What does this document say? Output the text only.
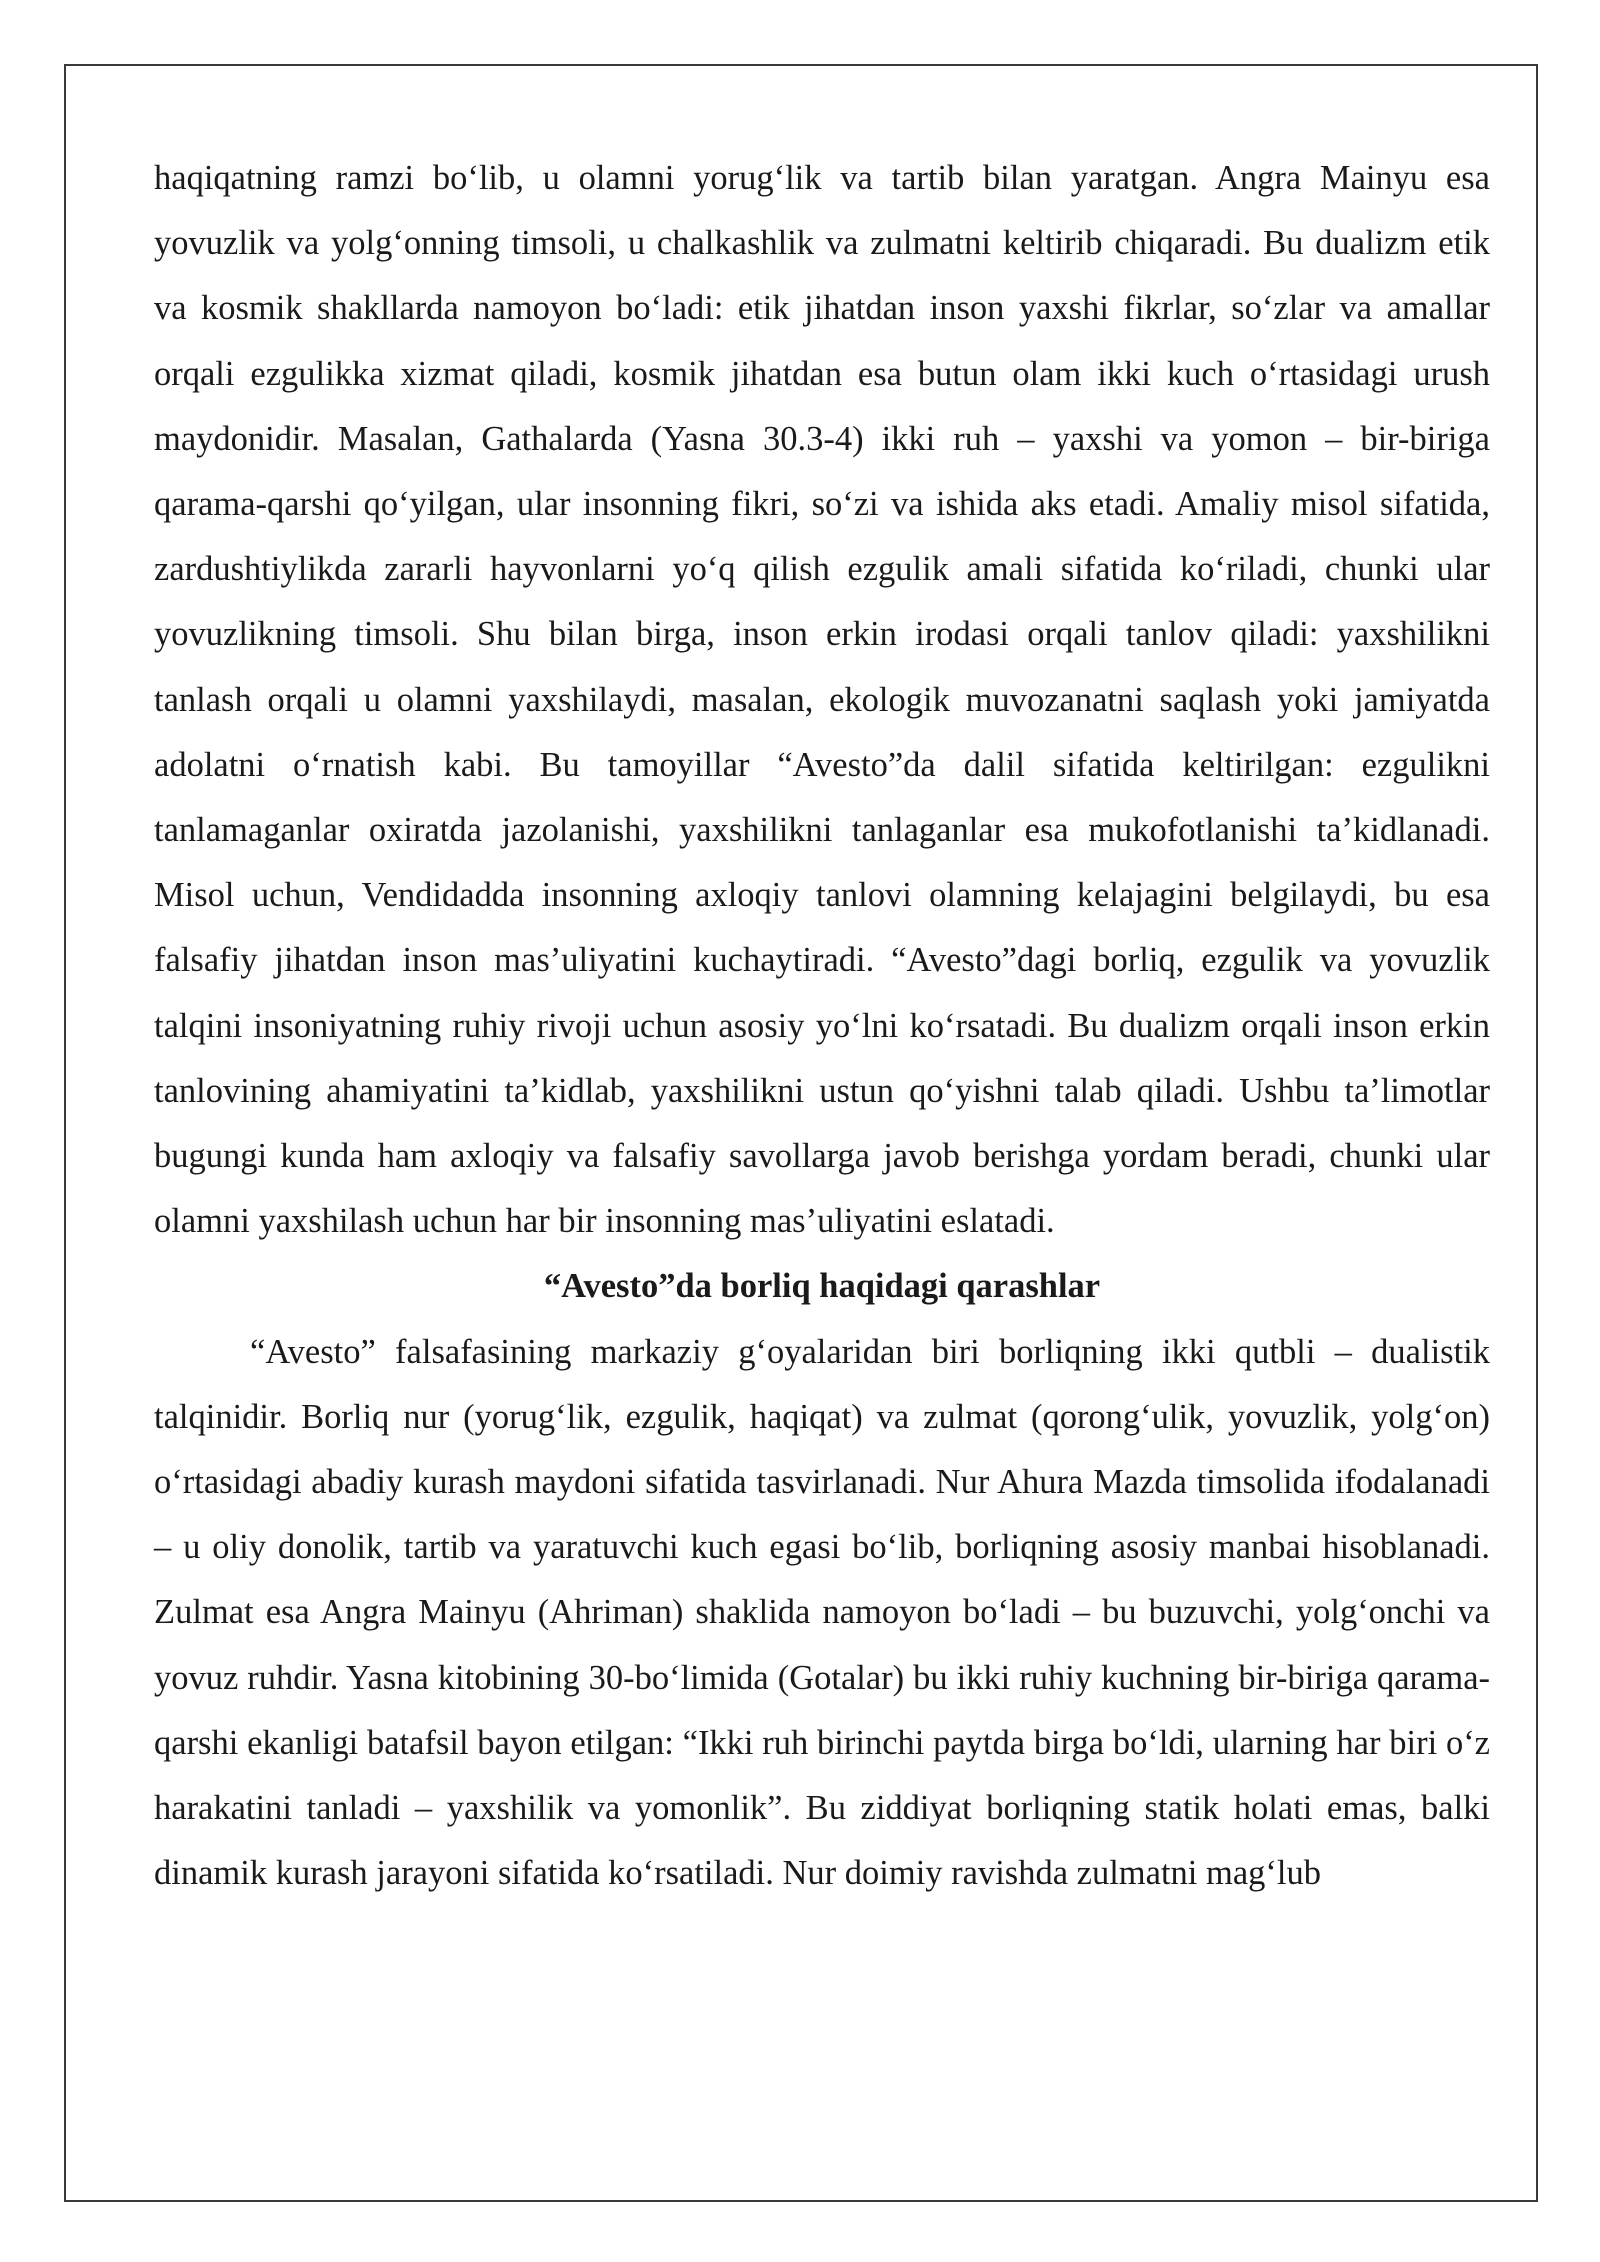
haqiqatning ramzi bo‘lib, u olamni yorug‘lik va tartib bilan yaratgan. Angra Mainyu esa yovuzlik va yolg‘onning timsoli, u chalkashlik va zulmatni keltirib chiqaradi. Bu dualizm etik va kosmik shakllarda namoyon bo‘ladi: etik jihatdan inson yaxshi fikrlar, so‘zlar va amallar orqali ezgulikka xizmat qiladi, kosmik jihatdan esa butun olam ikki kuch o‘rtasidagi urush maydonidir. Masalan, Gathalarda (Yasna 30.3-4) ikki ruh – yaxshi va yomon – bir-biriga qarama-qarshi qo‘yilgan, ular insonning fikri, so‘zi va ishida aks etadi. Amaliy misol sifatida, zardushtiylikda zararli hayvonlarni yo‘q qilish ezgulik amali sifatida ko‘riladi, chunki ular yovuzlikning timsoli. Shu bilan birga, inson erkin irodasi orqali tanlov qiladi: yaxshilikni tanlash orqali u olamni yaxshilaydi, masalan, ekologik muvozanatni saqlash yoki jamiyatda adolatni o‘rnatish kabi. Bu tamoyillar “Avesto”da dalil sifatida keltirilgan: ezgulikni tanlamaganlar oxiratda jazolanishi, yaxshilikni tanlaganlar esa mukofotlanishi ta’kidlanadi. Misol uchun, Vendidadda insonning axloqiy tanlovi olamning kelajagini belgilaydi, bu esa falsafiy jihatdan inson mas’uliyatini kuchaytiradi. “Avesto”dagi borliq, ezgulik va yovuzlik talqini insoniyatning ruhiy rivoji uchun asosiy yo‘lni ko‘rsatadi. Bu dualizm orqali inson erkin tanlovining ahamiyatini ta’kidlab, yaxshilikni ustun qo‘yishni talab qiladi. Ushbu ta’limotlar bugungi kunda ham axloqiy va falsafiy savollarga javob berishga yordam beradi, chunki ular olamni yaxshilash uchun har bir insonning mas’uliyatini eslatadi.

“Avesto”da borliq haqidagi qarashlar

“Avesto” falsafasining markaziy g‘oyalaridan biri borliqning ikki qutbli – dualistik talqinidir. Borliq nur (yorug‘lik, ezgulik, haqiqat) va zulmat (qorong‘ulik, yovuzlik, yolg‘on) o‘rtasidagi abadiy kurash maydoni sifatida tasvirlanadi. Nur Ahura Mazda timsolida ifodalanadi – u oliy donolik, tartib va yaratuvchi kuch egasi bo‘lib, borliqning asosiy manbai hisoblanadi. Zulmat esa Angra Mainyu (Ahriman) shaklida namoyon bo‘ladi – bu buzuvchi, yolg‘onchi va yovuz ruhdir. Yasna kitobining 30-bo‘limida (Gotalar) bu ikki ruhiy kuchning bir-biriga qarama-qarshi ekanligi batafsil bayon etilgan: “Ikki ruh birinchi paytda birga bo‘ldi, ularning har biri o‘z harakatini tanladi – yaxshilik va yomonlik”. Bu ziddiyat borliqning statik holati emas, balki dinamik kurash jarayoni sifatida ko‘rsatiladi. Nur doimiy ravishda zulmatni mag‘lub
